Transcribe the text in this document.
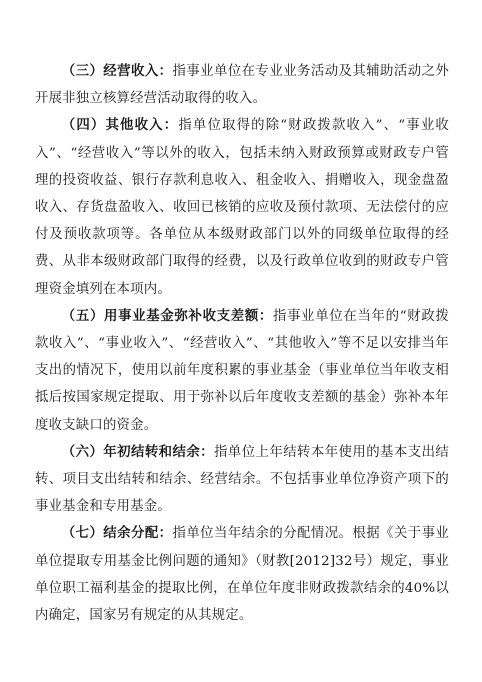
（三）经营收入：指事业单位在专业业务活动及其辅助活动之外开展非独立核算经营活动取得的收入。

（四）其他收入：指单位取得的除“财政拨款收入”、“事业收入”、“经营收入”等以外的收入，包括未纳入财政预算或财政专户管理的投资收益、银行存款利息收入、租金收入、捐赠收入，现金盘盈收入、存货盘盈收入、收回已核销的应收及预付款项、无法偿付的应付及预收款项等。各单位从本级财政部门以外的同级单位取得的经费、从非本级财政部门取得的经费，以及行政单位收到的财政专户管理资金填列在本项内。

（五）用事业基金弥补收支差额：指事业单位在当年的“财政拨款收入”、“事业收入”、“经营收入”、“其他收入”等不足以安排当年支出的情况下，使用以前年度积累的事业基金（事业单位当年收支相抵后按国家规定提取、用于弥补以后年度收支差额的基金）弥补本年度收支缺口的资金。

（六）年初结转和结余：指单位上年结转本年使用的基本支出结转、项目支出结转和结余、经营结余。不包括事业单位净资产项下的事业基金和专用基金。

（七）结余分配：指单位当年结余的分配情况。根据《关于事业单位提取专用基金比例问题的通知》（财教[2012]32号）规定，事业单位职工福利基金的提取比例，在单位年度非财政拨款结余的40%以内确定，国家另有规定的从其规定。
